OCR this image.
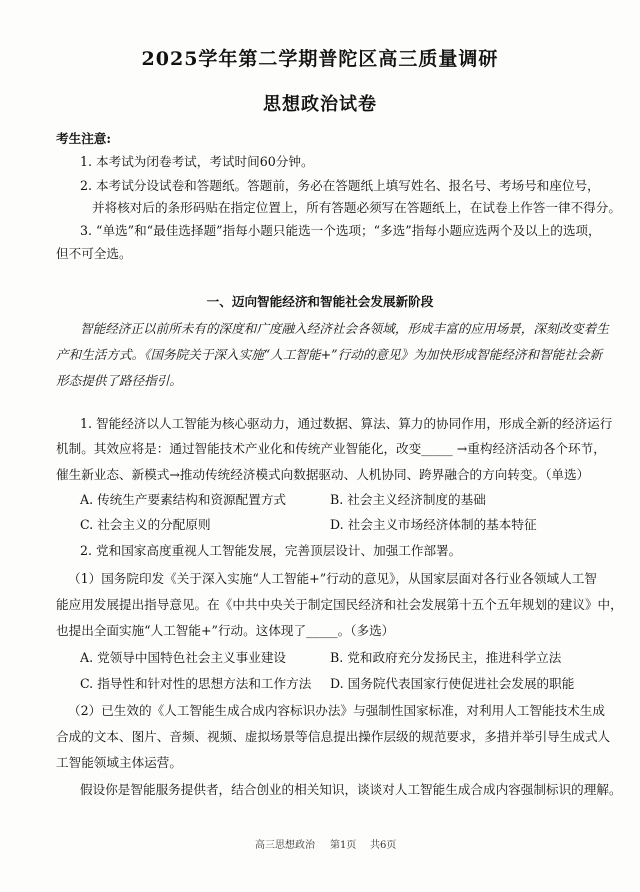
2025学年第二学期普陀区高三质量调研
思想政治试卷
考生注意:
1. 本考试为闭卷考试，考试时间60分钟。
2. 本考试分设试卷和答题纸。答题前，务必在答题纸上填写姓名、报名号、考场号和座位号，
并将核对后的条形码贴在指定位置上，所有答题必须写在答题纸上，在试卷上作答一律不得分。
3. “单选”和“最佳选择题”指每小题只能选一个选项；“多选”指每小题应选两个及以上的选项，
但不可全选。
一、迈向智能经济和智能社会发展新阶段
智能经济正以前所未有的深度和广度融入经济社会各领域，形成丰富的应用场景，深刻改变着生
产和生活方式。《国务院关于深入实施“人工智能+”行动的意见》为加快形成智能经济和智能社会新
形态提供了路径指引。
1. 智能经济以人工智能为核心驱动力，通过数据、算法、算力的协同作用，形成全新的经济运行
机制。其效应将是：通过智能技术产业化和传统产业智能化，改变_____ →重构经济活动各个环节，
催生新业态、新模式→推动传统经济模式向数据驱动、人机协同、跨界融合的方向转变。（单选）
A. 传统生产要素结构和资源配置方式	B. 社会主义经济制度的基础
C. 社会主义的分配原则	D. 社会主义市场经济体制的基本特征
2. 党和国家高度重视人工智能发展，完善顶层设计、加强工作部署。
（1）国务院印发《关于深入实施“人工智能+”行动的意见》，从国家层面对各行业各领域人工智
能应用发展提出指导意见。在《中共中央关于制定国民经济和社会发展第十五个五年规划的建议》中，
也提出全面实施“人工智能+”行动。这体现了_____。（多选）
A. 党领导中国特色社会主义事业建设	B. 党和政府充分发扬民主，推进科学立法
C. 指导性和针对性的思想方法和工作方法 D. 国务院代表国家行使促进社会发展的职能
（2）已生效的《人工智能生成合成内容标识办法》与强制性国家标准，对利用人工智能技术生成
合成的文本、图片、音频、视频、虚拟场景等信息提出操作层级的规范要求，多措并举引导生成式人
工智能领域主体运营。
假设你是智能服务提供者，结合创业的相关知识，谈谈对人工智能生成合成内容强制标识的理解。
高三思想政治 第1页 共6页
